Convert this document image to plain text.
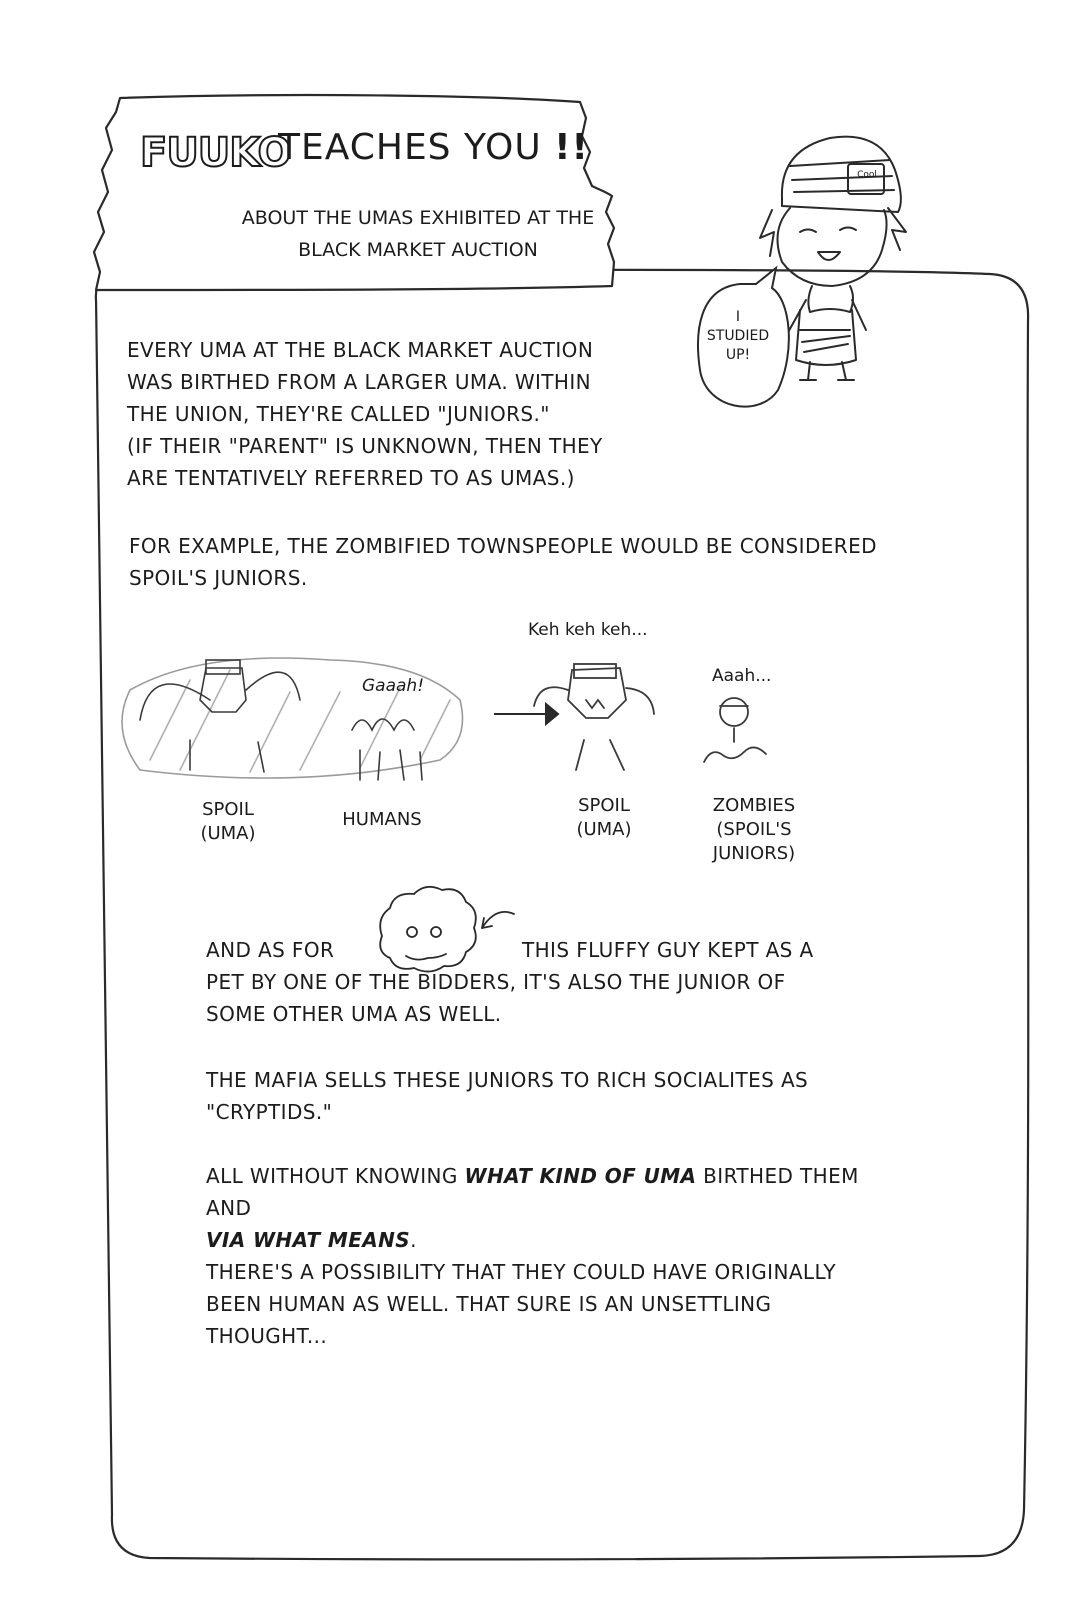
FUUKO
TEACHES YOU !!
ABOUT THE UMAS EXHIBITED AT THE
BLACK MARKET AUCTION
Cool
I
STUDIED
UP!

EVERY UMA AT THE BLACK MARKET AUCTION
WAS BIRTHED FROM A LARGER UMA. WITHIN
THE UNION, THEY'RE CALLED "JUNIORS."
(IF THEIR "PARENT" IS UNKNOWN, THEN THEY
ARE TENTATIVELY REFERRED TO AS UMAS.)

FOR EXAMPLE, THE ZOMBIFIED TOWNSPEOPLE WOULD BE CONSIDERED
SPOIL'S JUNIORS.

Gaaah!
Keh keh keh...
Aaah...
SPOIL
(UMA)
HUMANS
SPOIL
(UMA)
ZOMBIES
(SPOIL'S
JUNIORS)

AND AS FOR	THIS FLUFFY GUY KEPT AS A

PET BY ONE OF THE BIDDERS, IT'S ALSO THE JUNIOR OF
SOME OTHER UMA AS WELL.

THE MAFIA SELLS THESE JUNIORS TO RICH SOCIALITES AS
"CRYPTIDS."

ALL WITHOUT KNOWING WHAT KIND OF UMA BIRTHED THEM AND
VIA WHAT MEANS.

THERE'S A POSSIBILITY THAT THEY COULD HAVE ORIGINALLY
BEEN HUMAN AS WELL. THAT SURE IS AN UNSETTLING
THOUGHT...
